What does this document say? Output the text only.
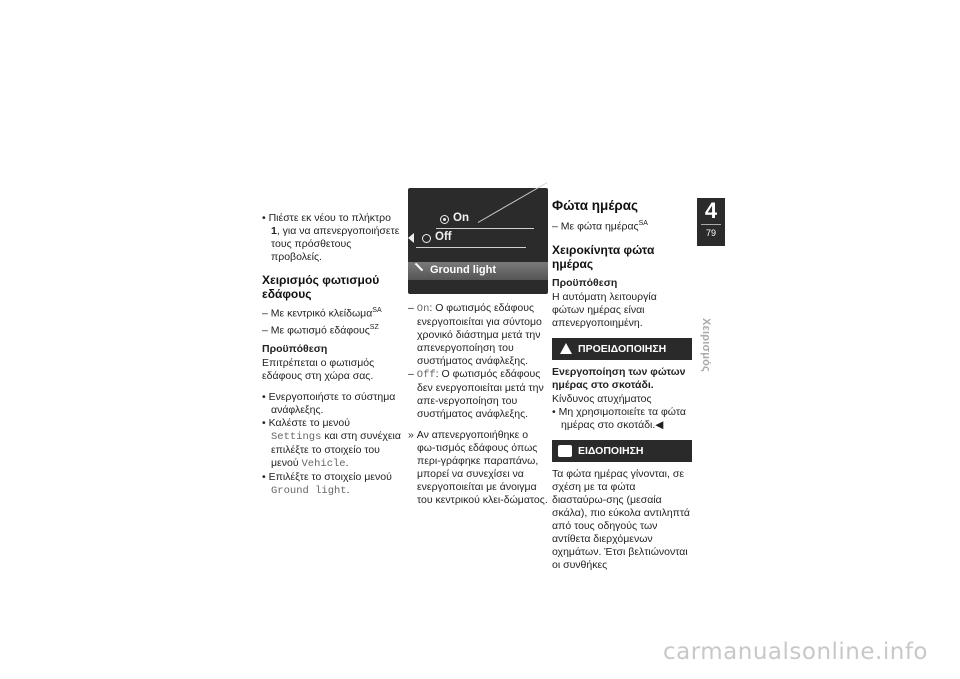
• Πιέστε εκ νέου το πλήκτρο 1, για να απενεργοποιήσετε τους πρόσθετους προβολείς.

Χειρισμός φωτισμού εδάφους

– Με κεντρικό κλείδωμα$^{SA}$

– Με φωτισμό εδάφους$^{SZ}$

Προϋπόθεση

Επιτρέπεται ο φωτισμός εδάφους στη χώρα σας.

• Ενεργοποιήστε το σύστημα ανάφλεξης.

• Καλέστε το μενού Settings και στη συνέχεια επιλέξτε το στοιχείο του μενού Vehicle.

• Επιλέξτε το στοιχείο μενού Ground light.

On
Off
Ground light

– On: Ο φωτισμός εδάφους ενεργοποιείται για σύντομο χρονικό διάστημα μετά την απενεργοποίηση του συστήματος ανάφλεξης.

– Off: Ο φωτισμός εδάφους δεν ενεργοποιείται μετά την απε-νεργοποίηση του συστήματος ανάφλεξης.

» Αν απενεργοποιήθηκε ο φω-τισμός εδάφους όπως περι-γράφηκε παραπάνω, μπορεί να συνεχίσει να ενεργοποιείται με άνοιγμα του κεντρικού κλει-δώματος.

Φώτα ημέρας

– Με φώτα ημέρας$^{SA}$

Χειροκίνητα φώτα ημέρας
Προϋπόθεση

Η αυτόματη λειτουργία φώτων ημέρας είναι απενεργοποιημένη.

ΠΡΟΕΙΔΟΠΟΙΗΣΗ
Ενεργοποίηση των φώτων ημέρας στο σκοτάδι.

Κίνδυνος ατυχήματος

• Μη χρησιμοποιείτε τα φώτα ημέρας στο σκοτάδι.◀

ΕΙΔΟΠΟΙΗΣΗ

Τα φώτα ημέρας γίνονται, σε σχέση με τα φώτα διασταύρω-σης (μεσαία σκάλα), πιο εύκολα αντιληπτά από τους οδηγούς των αντίθετα διερχόμενων οχημάτων. Έτσι βελτιώνονται οι συνθήκες

4
79
Χειρισμός
carmanualsonline.info
